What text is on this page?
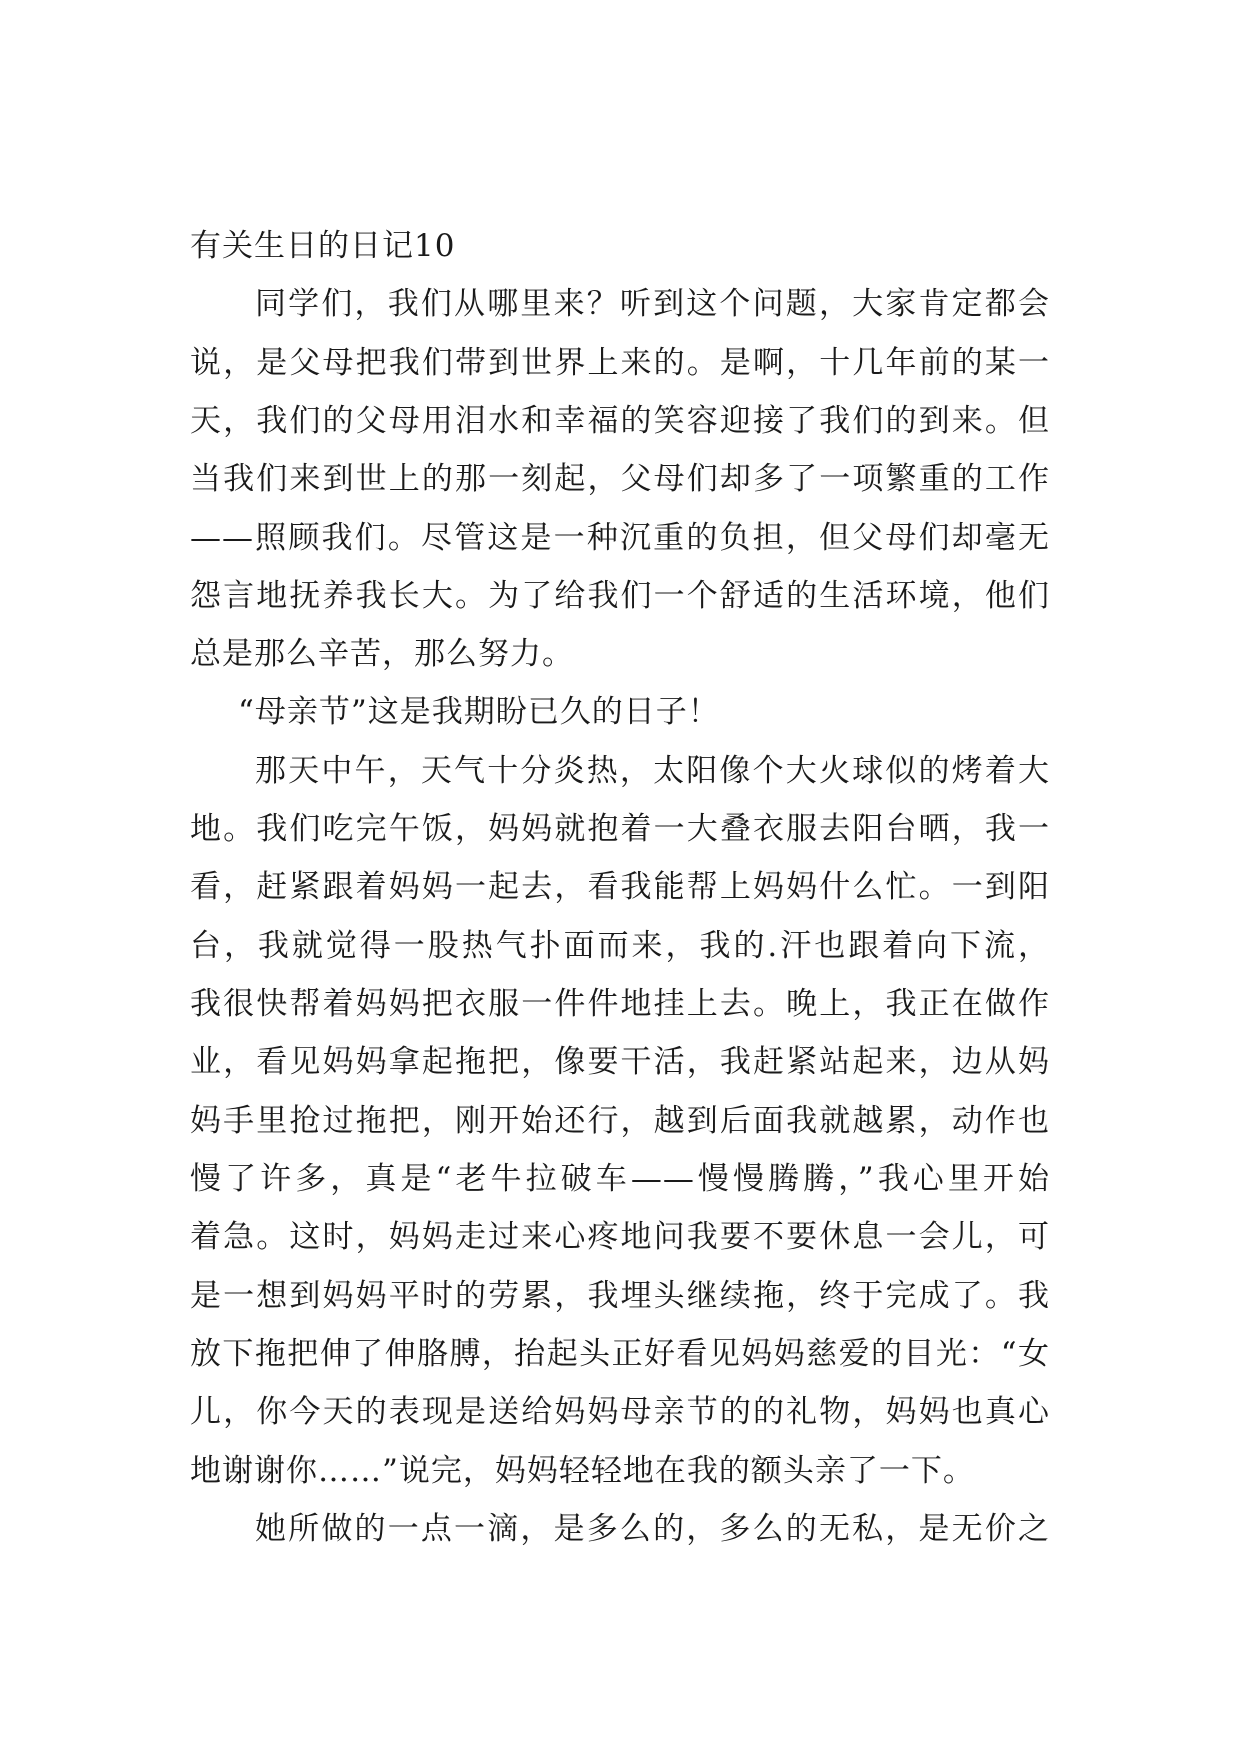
有关生日的日记10
同学们，我们从哪里来？听到这个问题，大家肯定都会
说，是父母把我们带到世界上来的。是啊，十几年前的某一
天，我们的父母用泪水和幸福的笑容迎接了我们的到来。但
当我们来到世上的那一刻起，父母们却多了一项繁重的工作
——照顾我们。尽管这是一种沉重的负担，但父母们却毫无
怨言地抚养我长大。为了给我们一个舒适的生活环境，他们
总是那么辛苦，那么努力。
“母亲节”这是我期盼已久的日子！
那天中午，天气十分炎热，太阳像个大火球似的烤着大
地。我们吃完午饭，妈妈就抱着一大叠衣服去阳台晒，我一
看，赶紧跟着妈妈一起去，看我能帮上妈妈什么忙。一到阳
台，我就觉得一股热气扑面而来，我的.汗也跟着向下流，
我很快帮着妈妈把衣服一件件地挂上去。晚上，我正在做作
业，看见妈妈拿起拖把，像要干活，我赶紧站起来，边从妈
妈手里抢过拖把，刚开始还行，越到后面我就越累，动作也
慢了许多，真是“老牛拉破车——慢慢腾腾，”我心里开始
着急。这时，妈妈走过来心疼地问我要不要休息一会儿，可
是一想到妈妈平时的劳累，我埋头继续拖，终于完成了。我
放下拖把伸了伸胳膊，抬起头正好看见妈妈慈爱的目光：“女
儿，你今天的表现是送给妈妈母亲节的的礼物，妈妈也真心
地谢谢你……”说完，妈妈轻轻地在我的额头亲了一下。
她所做的一点一滴，是多么的，多么的无私，是无价之
